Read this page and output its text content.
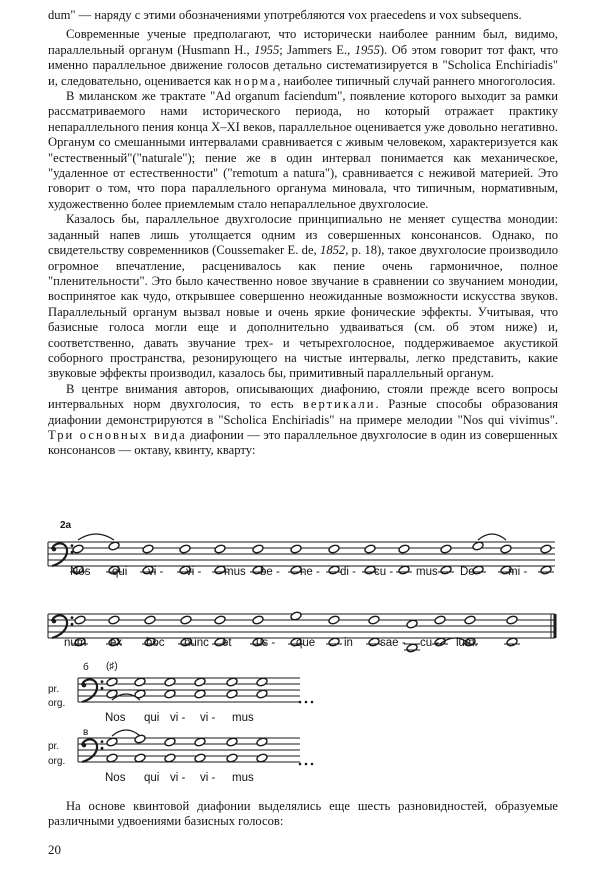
dum" — наряду с этими обозначениями употребляются vox praecedens и vox subsequens.

Современные ученые предполагают, что исторически наиболее ранним был, видимо, параллельный органум (Husmann H., 1955; Jammers E., 1955). Об этом говорит тот факт, что именно параллельное движение голосов детально систематизируется в "Scholica Enchiriadis" и, следовательно, оценивается как норма, наиболее типичный случай раннего многоголосия.

В миланском же трактате "Ad organum faciendum", появление которого выходит за рамки рассматриваемого нами исторического периода, но который отражает практику непараллельного пения конца X–XI веков, параллельное оценивается уже довольно негативно. Органум со смешанными интервалами сравнивается с живым человеком, характеризуется как "естественный"("naturale"); пение же в один интервал понимается как механическое, "удаленное от естественности" ("remotum a natura"), сравнивается с неживой материей. Это говорит о том, что пора параллельного органума миновала, что типичным, нормативным, художественно более приемлемым стало непараллельное двухголосие.

Казалось бы, параллельное двухголосие принципиально не меняет существа монодии: заданный напев лишь утолщается одним из совершенных консонансов. Однако, по свидетельству современников (Coussemaker E. de, 1852, р. 18), такое двухголосие производило огромное впечатление, расценивалось как пение очень гармоничное, полное "пленительности". Это было качественно новое звучание в сравнении со звучанием монодии, воспринятое как чудо, открывшее совершенно неожиданные возможности искусства звуков. Параллельный органум вызвал новые и очень яркие фонические эффекты. Учитывая, что базисные голоса могли еще и дополнительно удваиваться (см. об этом ниже) и, соответственно, давать звучание трех- и четырехголосное, поддерживаемое акустикой соборного пространства, резонирующего на чистые интервалы, легко представить, какие звуковые эффекты производил, казалось бы, примитивный параллельный органум.

В центре внимания авторов, описывающих диафонию, стояли прежде всего вопросы интервальных норм двухголосия, то есть вертикали. Разные способы образования диафонии демонстрируются в "Scholica Enchiriadis" на примере мелодии "Nos qui vivimus". Три основных вида диафонии — это параллельное двухголосие в один из совершенных консонансов — октаву, квинту, кварту:

2а
Nos qui vi - vi - mus be - ne - di - cu - mus Do - mi -
num ex hoc nunc et us - que	in sae - cu - lum.
б (♯)
pr.
org.
Nos qui vi - vi - mus
в
pr.
org.
Nos qui vi - vi - mus

На основе квинтовой диафонии выделялись еще шесть разновидностей, образуемые различными удвоениями базисных голосов:

20
